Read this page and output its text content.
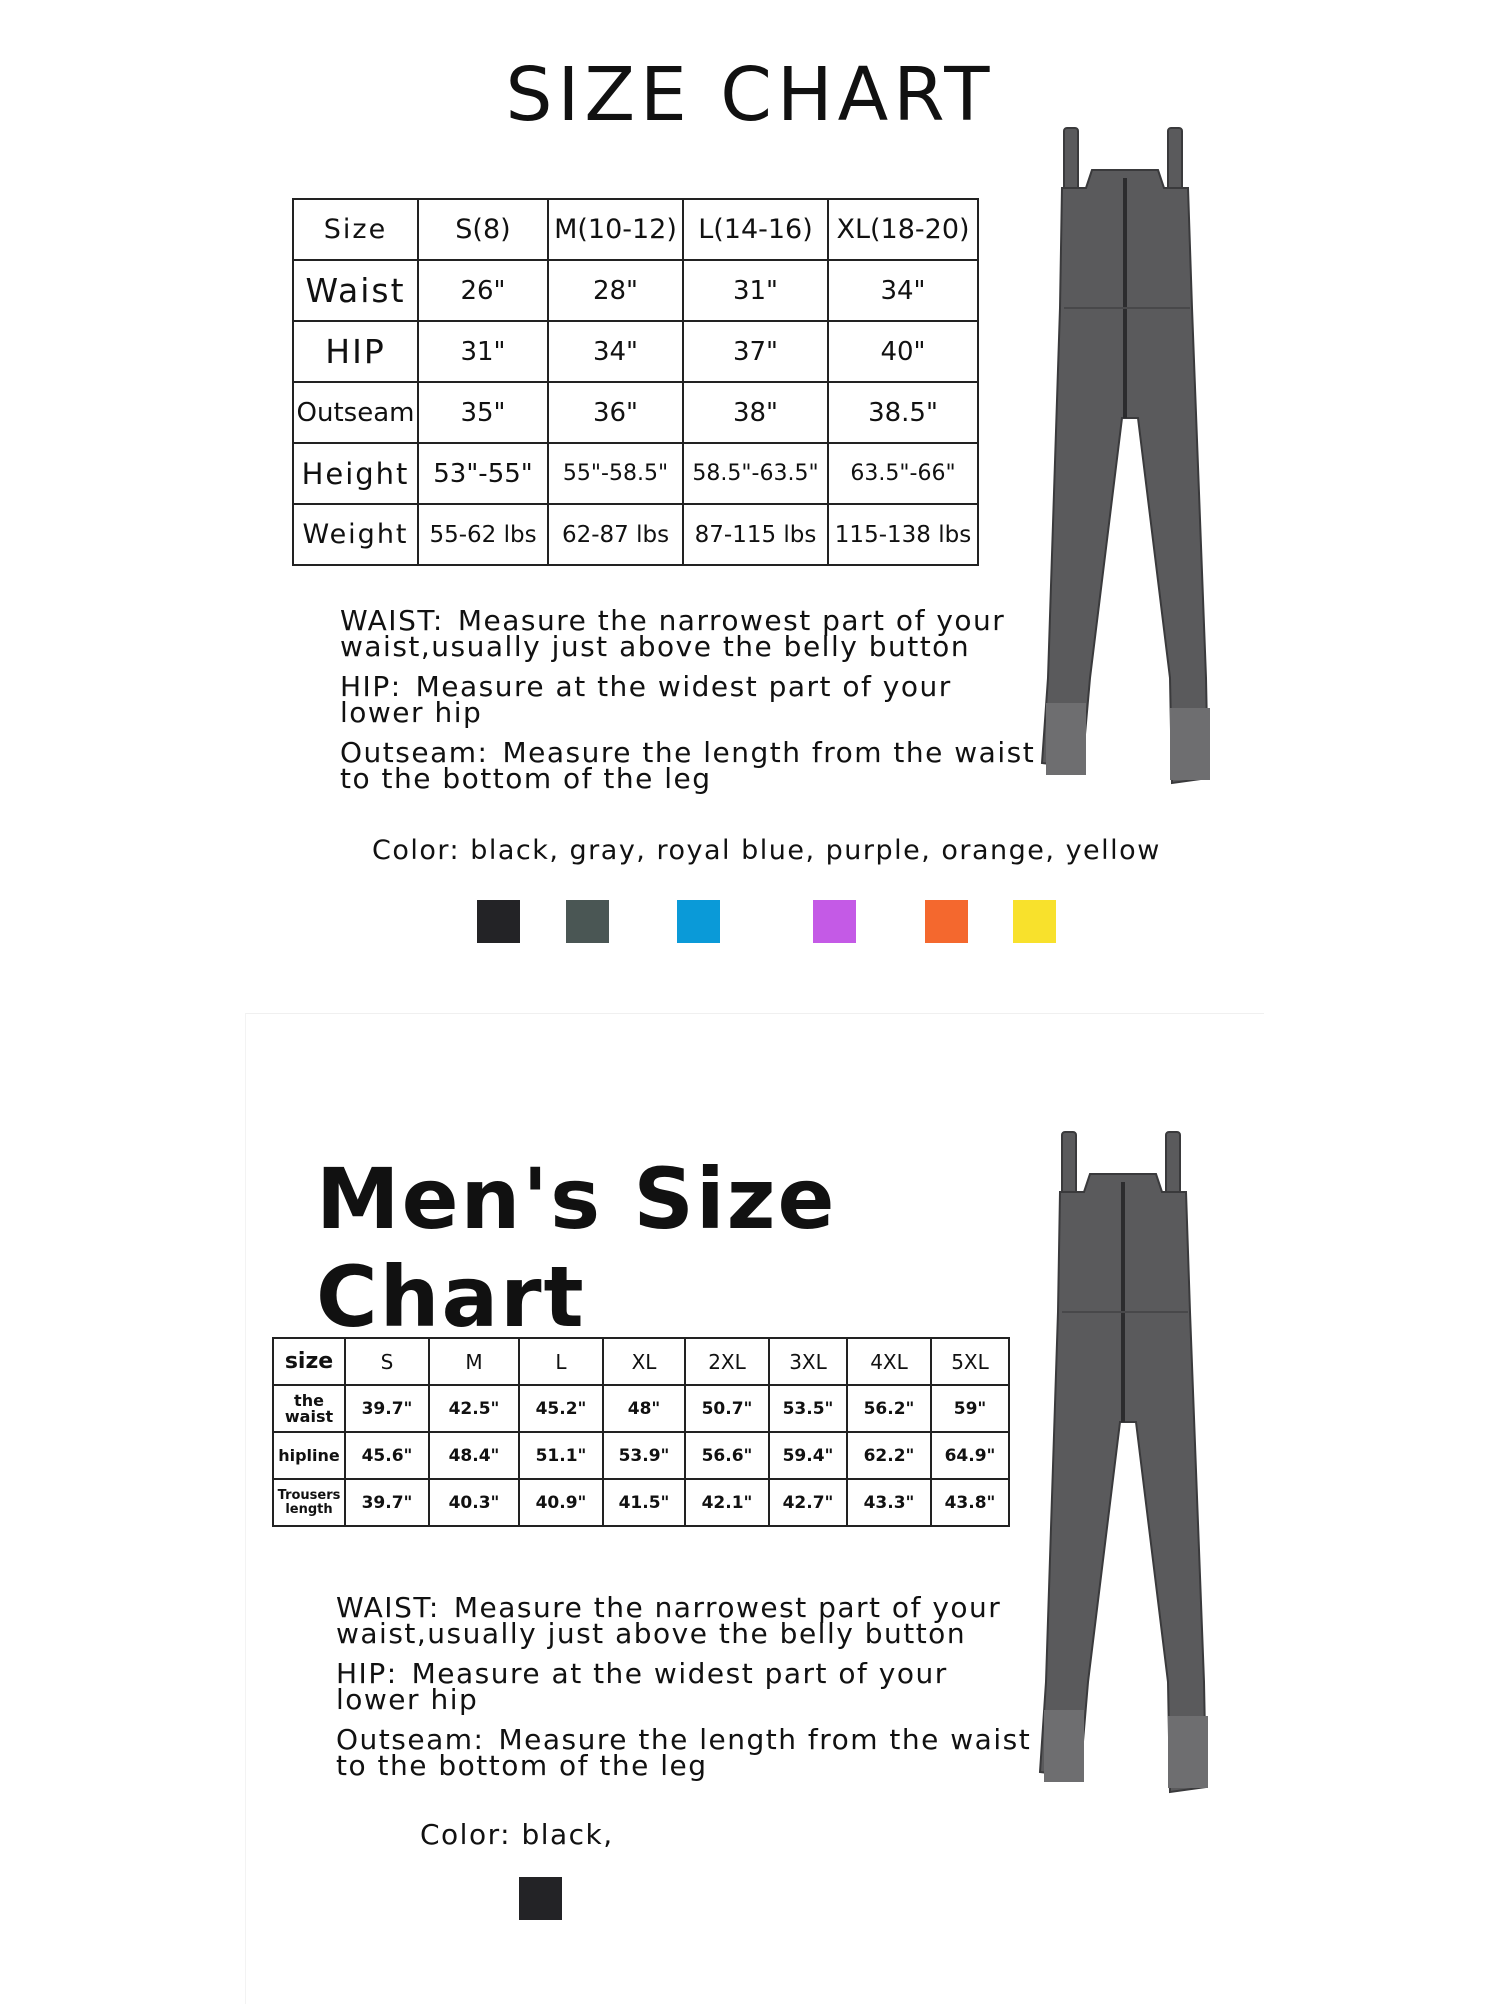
SIZE CHART
Size	S(8)	M(10-12)	L(14-16)	XL(18-20)
Waist	26"	28"	31"	34"
HIP	31"	34"	37"	40"
Outseam	35"	36"	38"	38.5"
Height	53"-55"	55"-58.5"	58.5"-63.5"	63.5"-66"
Weight	55-62 lbs	62-87 lbs	87-115 lbs	115-138 lbs

WAIST: Measure the narrowest part of your waist,usually just above the belly button

HIP: Measure at the widest part of your lower hip

Outseam: Measure the length from the waist to the bottom of the leg

Color: black, gray, royal blue, purple, orange, yellow
Men's Size Chart
size	S	M	L	XL	2XL	3XL	4XL	5XL
the waist	39.7"	42.5"	45.2"	48"	50.7"	53.5"	56.2"	59"
hipline	45.6"	48.4"	51.1"	53.9"	56.6"	59.4"	62.2"	64.9"
Trousers length	39.7"	40.3"	40.9"	41.5"	42.1"	42.7"	43.3"	43.8"

WAIST: Measure the narrowest part of your waist,usually just above the belly button

HIP: Measure at the widest part of your lower hip

Outseam: Measure the length from the waist to the bottom of the leg

Color: black,
